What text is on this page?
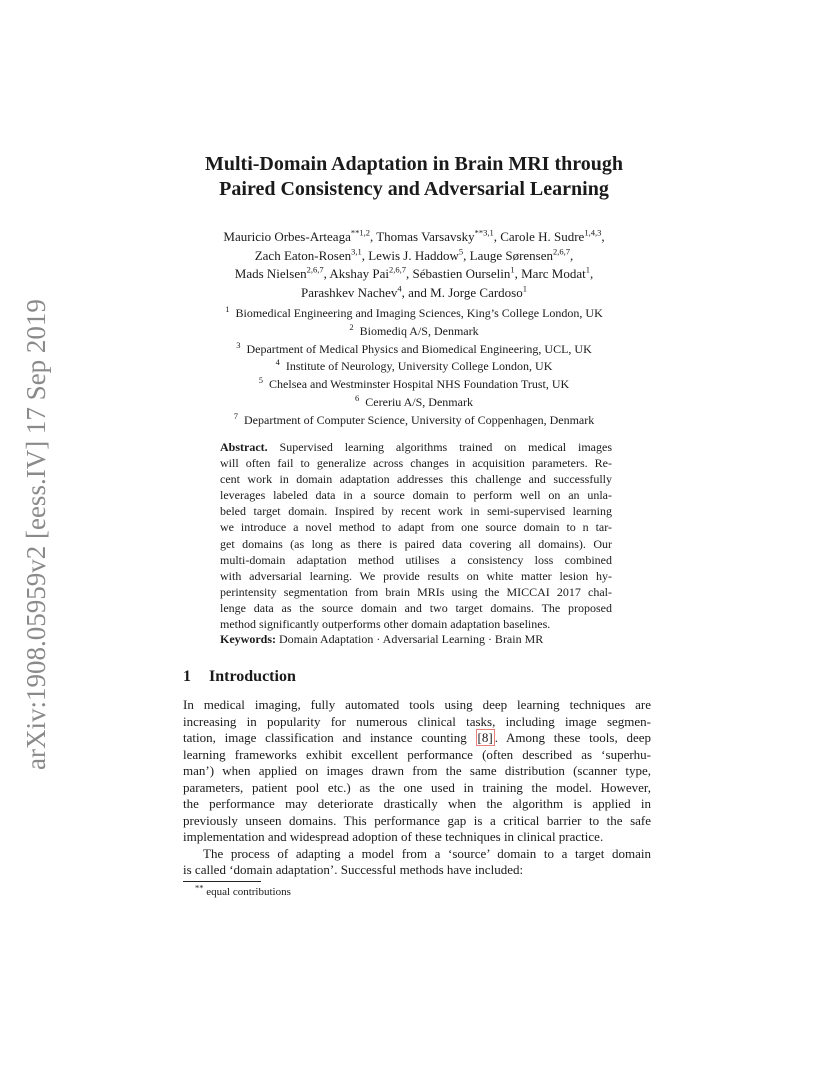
arXiv:1908.05959v2 [eess.IV] 17 Sep 2019
Multi-Domain Adaptation in Brain MRI through
Paired Consistency and Adversarial Learning
Mauricio Orbes-Arteaga$^{**1,2}$, Thomas Varsavsky$^{**3,1}$, Carole H. Sudre$^{1,4,3}$,
Zach Eaton-Rosen$^{3,1}$, Lewis J. Haddow$^5$, Lauge Sørensen$^{2,6,7}$,
Mads Nielsen$^{2,6,7}$, Akshay Pai$^{2,6,7}$, Sébastien Ourselin$^1$, Marc Modat$^1$,
Parashkev Nachev$^4$, and M. Jorge Cardoso$^1$
$^1$  Biomedical Engineering and Imaging Sciences, King’s College London, UK
$^2$  Biomediq A/S, Denmark
$^3$  Department of Medical Physics and Biomedical Engineering, UCL, UK
$^4$  Institute of Neurology, University College London, UK
$^5$  Chelsea and Westminster Hospital NHS Foundation Trust, UK
$^6$  Cereriu A/S, Denmark
$^7$  Department of Computer Science, University of Coppenhagen, Denmark
Abstract. Supervised learning algorithms trained on medical images
will often fail to generalize across changes in acquisition parameters. Re-
cent work in domain adaptation addresses this challenge and successfully
leverages labeled data in a source domain to perform well on an unla-
beled target domain. Inspired by recent work in semi-supervised learning
we introduce a novel method to adapt from one source domain to n tar-
get domains (as long as there is paired data covering all domains). Our
multi-domain adaptation method utilises a consistency loss combined
with adversarial learning. We provide results on white matter lesion hy-
perintensity segmentation from brain MRIs using the MICCAI 2017 chal-
lenge data as the source domain and two target domains. The proposed
method significantly outperforms other domain adaptation baselines.
Keywords: Domain Adaptation · Adversarial Learning · Brain MR
1 Introduction
In medical imaging, fully automated tools using deep learning techniques are
increasing in popularity for numerous clinical tasks, including image segmen-
tation, image classification and instance counting [8] . Among these tools, deep
learning frameworks exhibit excellent performance (often described as ‘superhu-
man’) when applied on images drawn from the same distribution (scanner type,
parameters, patient pool etc.) as the one used in training the model. However,
the performance may deteriorate drastically when the algorithm is applied in
previously unseen domains. This performance gap is a critical barrier to the safe
implementation and widespread adoption of these techniques in clinical practice.
The process of adapting a model from a ‘source’ domain to a target domain
is called ‘domain adaptation’. Successful methods have included:
** equal contributions
